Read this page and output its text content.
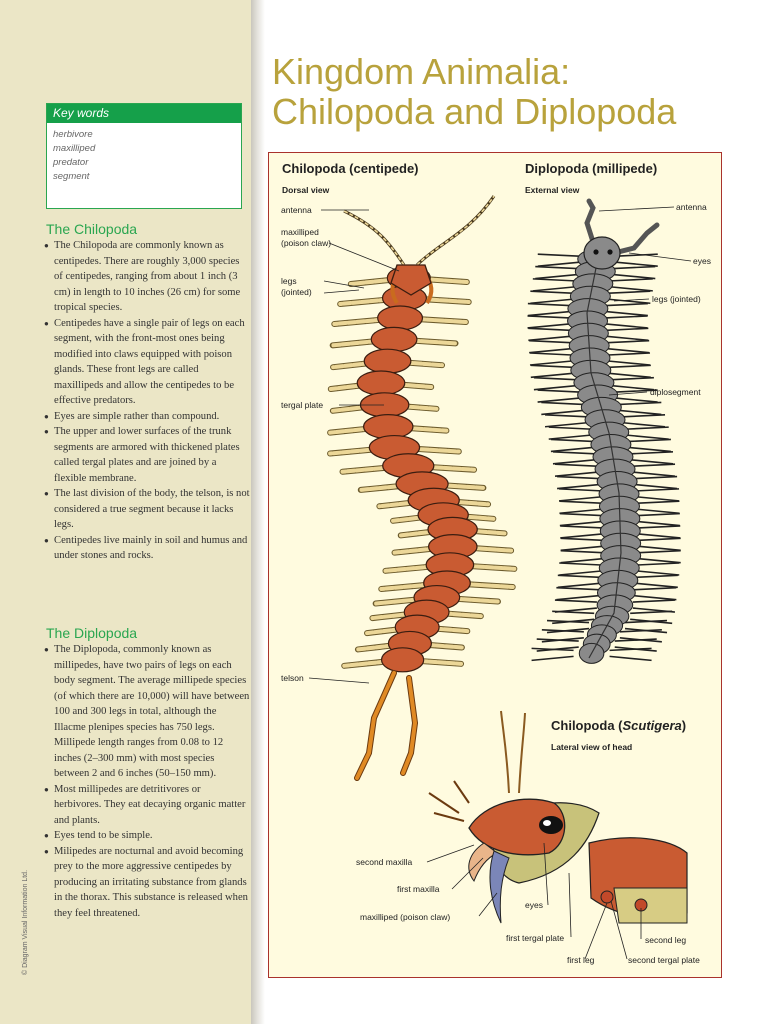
Key words
herbivore
maxilliped
predator
segment
The Chilopoda
● The Chilopoda are commonly known as centipedes. There are roughly 3,000 species of centipedes, ranging from about 1 inch (3 cm) in length to 10 inches (26 cm) for some tropical species.
● Centipedes have a single pair of legs on each segment, with the front-most ones being modified into claws equipped with poison glands. These front legs are called maxillipeds and allow the centipedes to be effective predators.
● Eyes are simple rather than compound.
● The upper and lower surfaces of the trunk segments are armored with thickened plates called tergal plates and are joined by a flexible membrane.
● The last division of the body, the telson, is not considered a true segment because it lacks legs.
● Centipedes live mainly in soil and humus and under stones and rocks.
The Diplopoda
● The Diplopoda, commonly known as millipedes, have two pairs of legs on each body segment. The average millipede species (of which there are 10,000) will have between 100 and 300 legs in total, although the Illacme plenipes species has 750 legs. Millipede length ranges from 0.08 to 12 inches (2–300 mm) with most species between 2 and 6 inches (50–150 mm).
● Most millipedes are detritivores or herbivores. They eat decaying organic matter and plants.
● Eyes tend to be simple.
● Milipedes are nocturnal and avoid becoming prey to the more aggressive centipedes by producing an irritating substance from glands in the thorax. This substance is released when they feel threatened.
© Diagram Visual Information Ltd.
Kingdom Animalia:
Chilopoda and Diplopoda
Chilopoda (centipede)
Dorsal view
antenna
maxilliped
(poison claw)
legs
(jointed)
tergal plate
telson
Diplopoda (millipede)
External view
antenna
eyes
legs (jointed)
diplosegment
Chilopoda (Scutigera)
Lateral view of head
second maxilla
first maxilla
maxilliped (poison claw)
eyes
first tergal plate	second leg
first leg	second tergal plate
